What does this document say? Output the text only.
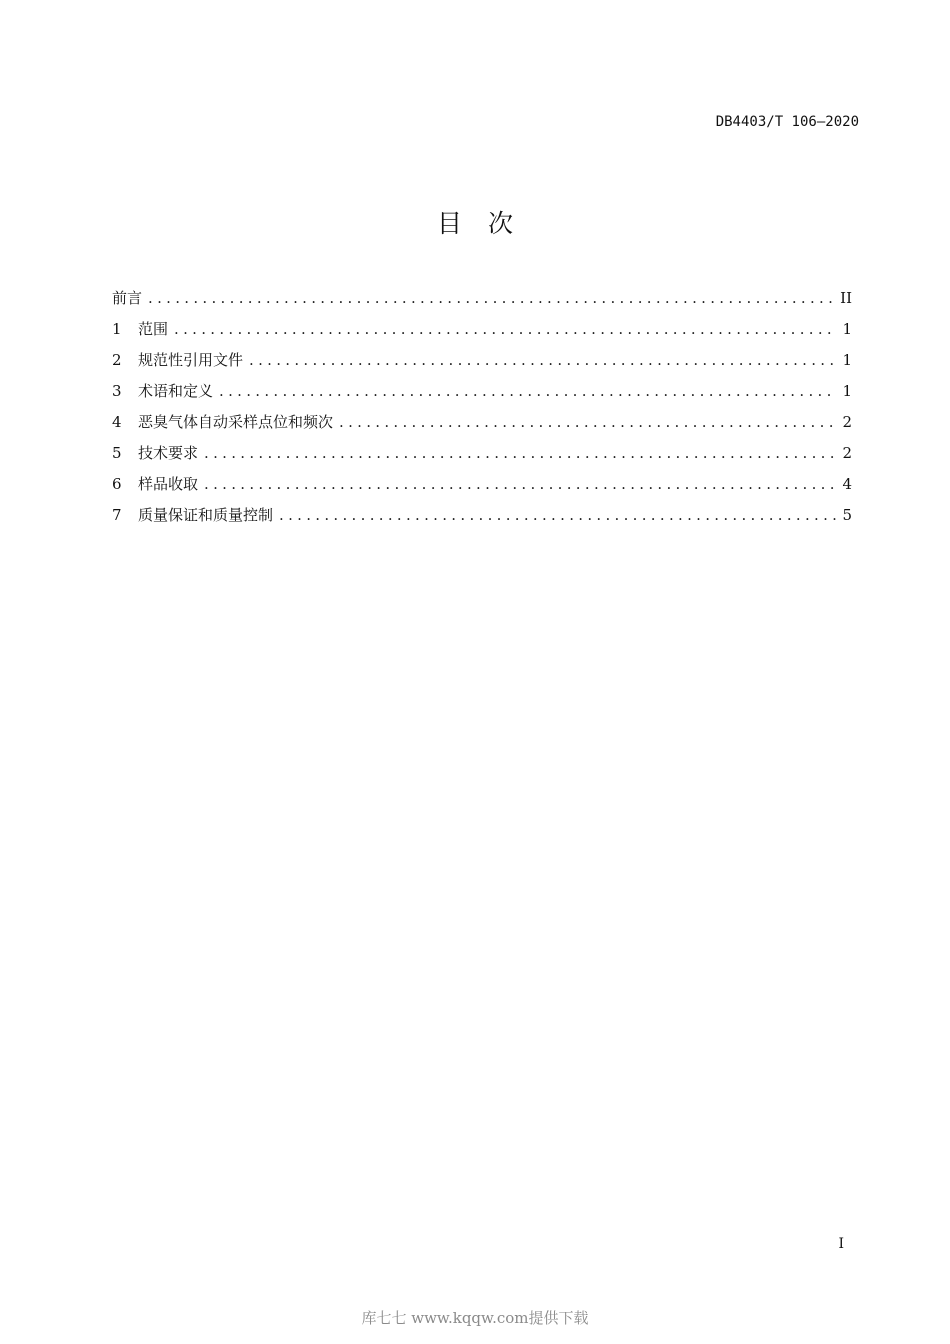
DB4403/T 106—2020
目 次
前言 .....	II
1	范围 .....	1
2	规范性引用文件 .....	1
3	术语和定义 .....	1
4	恶臭气体自动采样点位和频次 .....	2
5	技术要求 .....	2
6	样品收取 .....	4
7	质量保证和质量控制 .....	5
I
库七七 www.kqqw.com提供下载
